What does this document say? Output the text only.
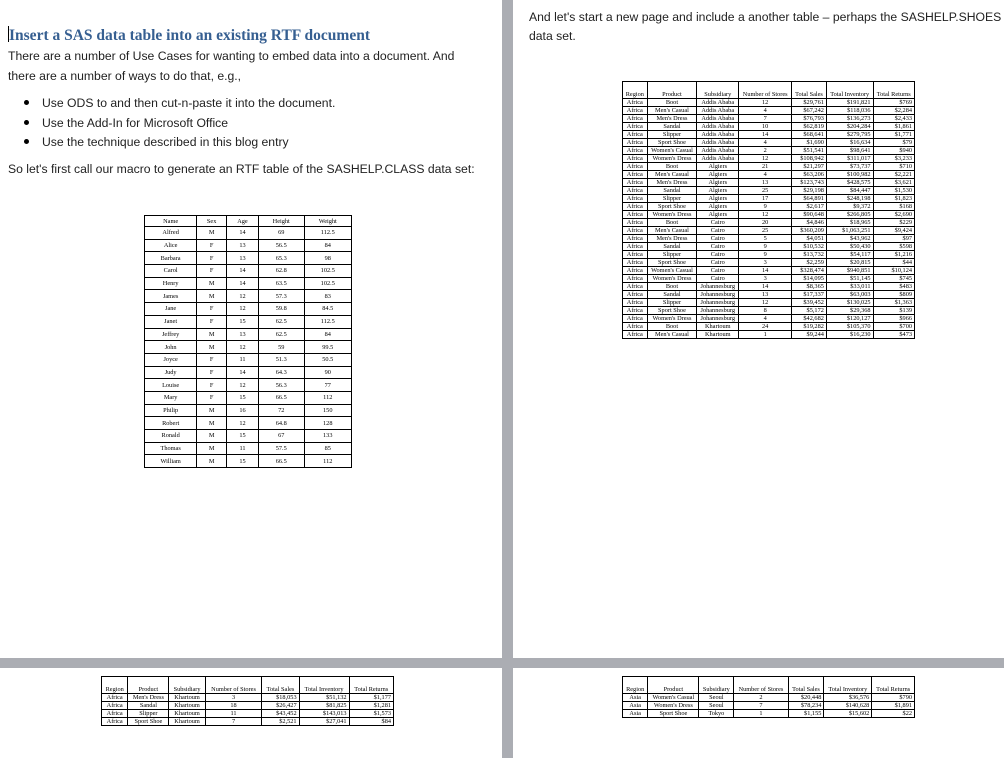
Insert a SAS data table into an existing RTF document
There are a number of Use Cases for wanting to embed data into a document. And
there are a number of ways to do that, e.g.,
Use ODS to and then cut-n-paste it into the document.
Use the Add-In for Microsoft Office
Use the technique described in this blog entry
So let's first call our macro to generate an RTF table of the SASHELP.CLASS data set:
Name	Sex	Age	Height	Weight
Alfred	M	14	69	112.5
Alice	F	13	56.5	84
Barbara	F	13	65.3	98
Carol	F	14	62.8	102.5
Henry	M	14	63.5	102.5
James	M	12	57.3	83
Jane	F	12	59.8	84.5
Janet	F	15	62.5	112.5
Jeffrey	M	13	62.5	84
John	M	12	59	99.5
Joyce	F	11	51.3	50.5
Judy	F	14	64.3	90
Louise	F	12	56.3	77
Mary	F	15	66.5	112
Philip	M	16	72	150
Robert	M	12	64.8	128
Ronald	M	15	67	133
Thomas	M	11	57.5	85
William	M	15	66.5	112
And let's start a new page and include a another table – perhaps the SASHELP.SHOES
data set.
Region	Product	Subsidiary	Number of Stores	Total Sales	Total Inventory	Total Returns
Africa	Boot	Addis Ababa	12	$29,761	$191,821	$769
Africa	Men's Casual	Addis Ababa	4	$67,242	$118,036	$2,284
Africa	Men's Dress	Addis Ababa	7	$76,793	$136,273	$2,433
Africa	Sandal	Addis Ababa	10	$62,819	$204,284	$1,861
Africa	Slipper	Addis Ababa	14	$68,641	$279,795	$1,771
Africa	Sport Shoe	Addis Ababa	4	$1,690	$16,634	$79
Africa	Women's Casual	Addis Ababa	2	$51,541	$98,641	$940
Africa	Women's Dress	Addis Ababa	12	$108,942	$311,017	$3,233
Africa	Boot	Algiers	21	$21,297	$73,737	$710
Africa	Men's Casual	Algiers	4	$63,206	$100,982	$2,221
Africa	Men's Dress	Algiers	13	$123,743	$428,575	$3,621
Africa	Sandal	Algiers	25	$29,198	$84,447	$1,530
Africa	Slipper	Algiers	17	$64,891	$248,198	$1,823
Africa	Sport Shoe	Algiers	9	$2,617	$9,372	$168
Africa	Women's Dress	Algiers	12	$90,648	$266,805	$2,690
Africa	Boot	Cairo	20	$4,846	$18,965	$229
Africa	Men's Casual	Cairo	25	$360,209	$1,063,251	$9,424
Africa	Men's Dress	Cairo	5	$4,051	$43,962	$97
Africa	Sandal	Cairo	9	$10,532	$50,430	$598
Africa	Slipper	Cairo	9	$13,732	$54,117	$1,216
Africa	Sport Shoe	Cairo	3	$2,259	$20,815	$44
Africa	Women's Casual	Cairo	14	$328,474	$940,851	$10,124
Africa	Women's Dress	Cairo	3	$14,095	$51,145	$745
Africa	Boot	Johannesburg	14	$8,365	$33,011	$483
Africa	Sandal	Johannesburg	13	$17,337	$63,003	$809
Africa	Slipper	Johannesburg	12	$39,452	$130,025	$1,363
Africa	Sport Shoe	Johannesburg	8	$5,172	$29,368	$139
Africa	Women's Dress	Johannesburg	4	$42,682	$120,127	$966
Africa	Boot	Khartoum	24	$19,282	$105,370	$700
Africa	Men's Casual	Khartoum	1	$9,244	$16,230	$473
Region	Product	Subsidiary	Number of Stores	Total Sales	Total Inventory	Total Returns
Africa	Men's Dress	Khartoum	3	$18,053	$51,132	$1,177
Africa	Sandal	Khartoum	18	$26,427	$81,825	$1,281
Africa	Slipper	Khartoum	11	$43,452	$143,013	$1,573
Africa	Sport Shoe	Khartoum	7	$2,521	$27,041	$84
Region	Product	Subsidiary	Number of Stores	Total Sales	Total Inventory	Total Returns
Asia	Women's Casual	Seoul	2	$20,448	$36,576	$790
Asia	Women's Dress	Seoul	7	$78,234	$140,628	$1,891
Asia	Sport Shoe	Tokyo	1	$1,155	$15,602	$22
